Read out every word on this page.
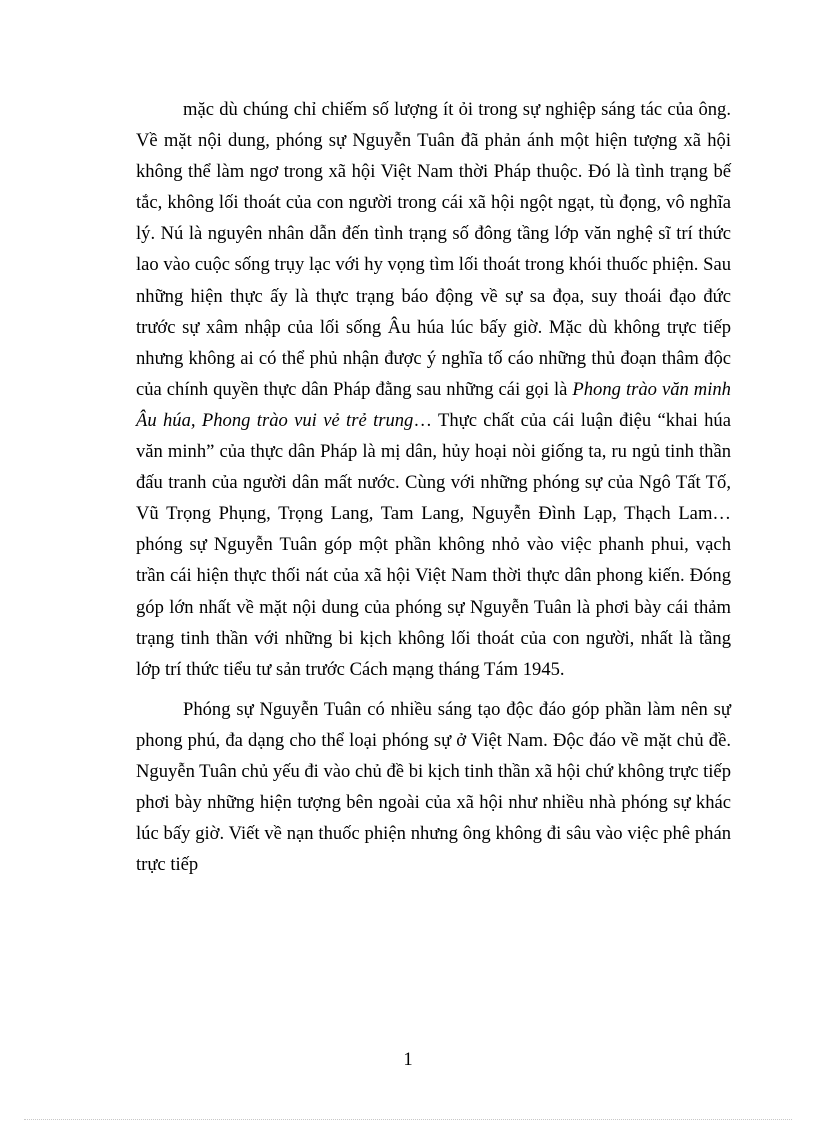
mặc dù chúng chỉ chiếm số lượng ít ỏi trong sự nghiệp sáng tác của ông. Về mặt nội dung, phóng sự Nguyễn Tuân đã phản ánh một hiện tượng xã hội không thể làm ngơ trong xã hội Việt Nam thời Pháp thuộc. Đó là tình trạng bế tắc, không lối thoát của con người trong cái xã hội ngột ngạt, tù đọng, vô nghĩa lý. Nú là nguyên nhân dẫn đến tình trạng số đông tầng lớp văn nghệ sĩ trí thức lao vào cuộc sống trụy lạc với hy vọng tìm lối thoát trong khói thuốc phiện. Sau những hiện thực ấy là thực trạng báo động về sự sa đọa, suy thoái đạo đức trước sự xâm nhập của lối sống Âu húa lúc bấy giờ. Mặc dù không trực tiếp nhưng không ai có thể phủ nhận được ý nghĩa tố cáo những thủ đoạn thâm độc của chính quyền thực dân Pháp đằng sau những cái gọi là Phong trào văn minh Âu húa, Phong trào vui vẻ trẻ trung… Thực chất của cái luận điệu “khai húa văn minh” của thực dân Pháp là mị dân, hủy hoại nòi giống ta, ru ngủ tinh thần đấu tranh của người dân mất nước. Cùng với những phóng sự của Ngô Tất Tố, Vũ Trọng Phụng, Trọng Lang, Tam Lang, Nguyễn Đình Lạp, Thạch Lam… phóng sự Nguyễn Tuân góp một phần không nhỏ vào việc phanh phui, vạch trần cái hiện thực thối nát của xã hội Việt Nam thời thực dân phong kiến. Đóng góp lớn nhất về mặt nội dung của phóng sự Nguyễn Tuân là phơi bày cái thảm trạng tinh thần với những bi kịch không lối thoát của con người, nhất là tầng lớp trí thức tiểu tư sản trước Cách mạng tháng Tám 1945.

Phóng sự Nguyễn Tuân có nhiều sáng tạo độc đáo góp phần làm nên sự phong phú, đa dạng cho thể loại phóng sự ở Việt Nam. Độc đáo về mặt chủ đề. Nguyễn Tuân chủ yếu đi vào chủ đề bi kịch tinh thần xã hội chứ không trực tiếp phơi bày những hiện tượng bên ngoài của xã hội như nhiều nhà phóng sự khác lúc bấy giờ. Viết về nạn thuốc phiện nhưng ông không đi sâu vào việc phê phán trực tiếp

1
